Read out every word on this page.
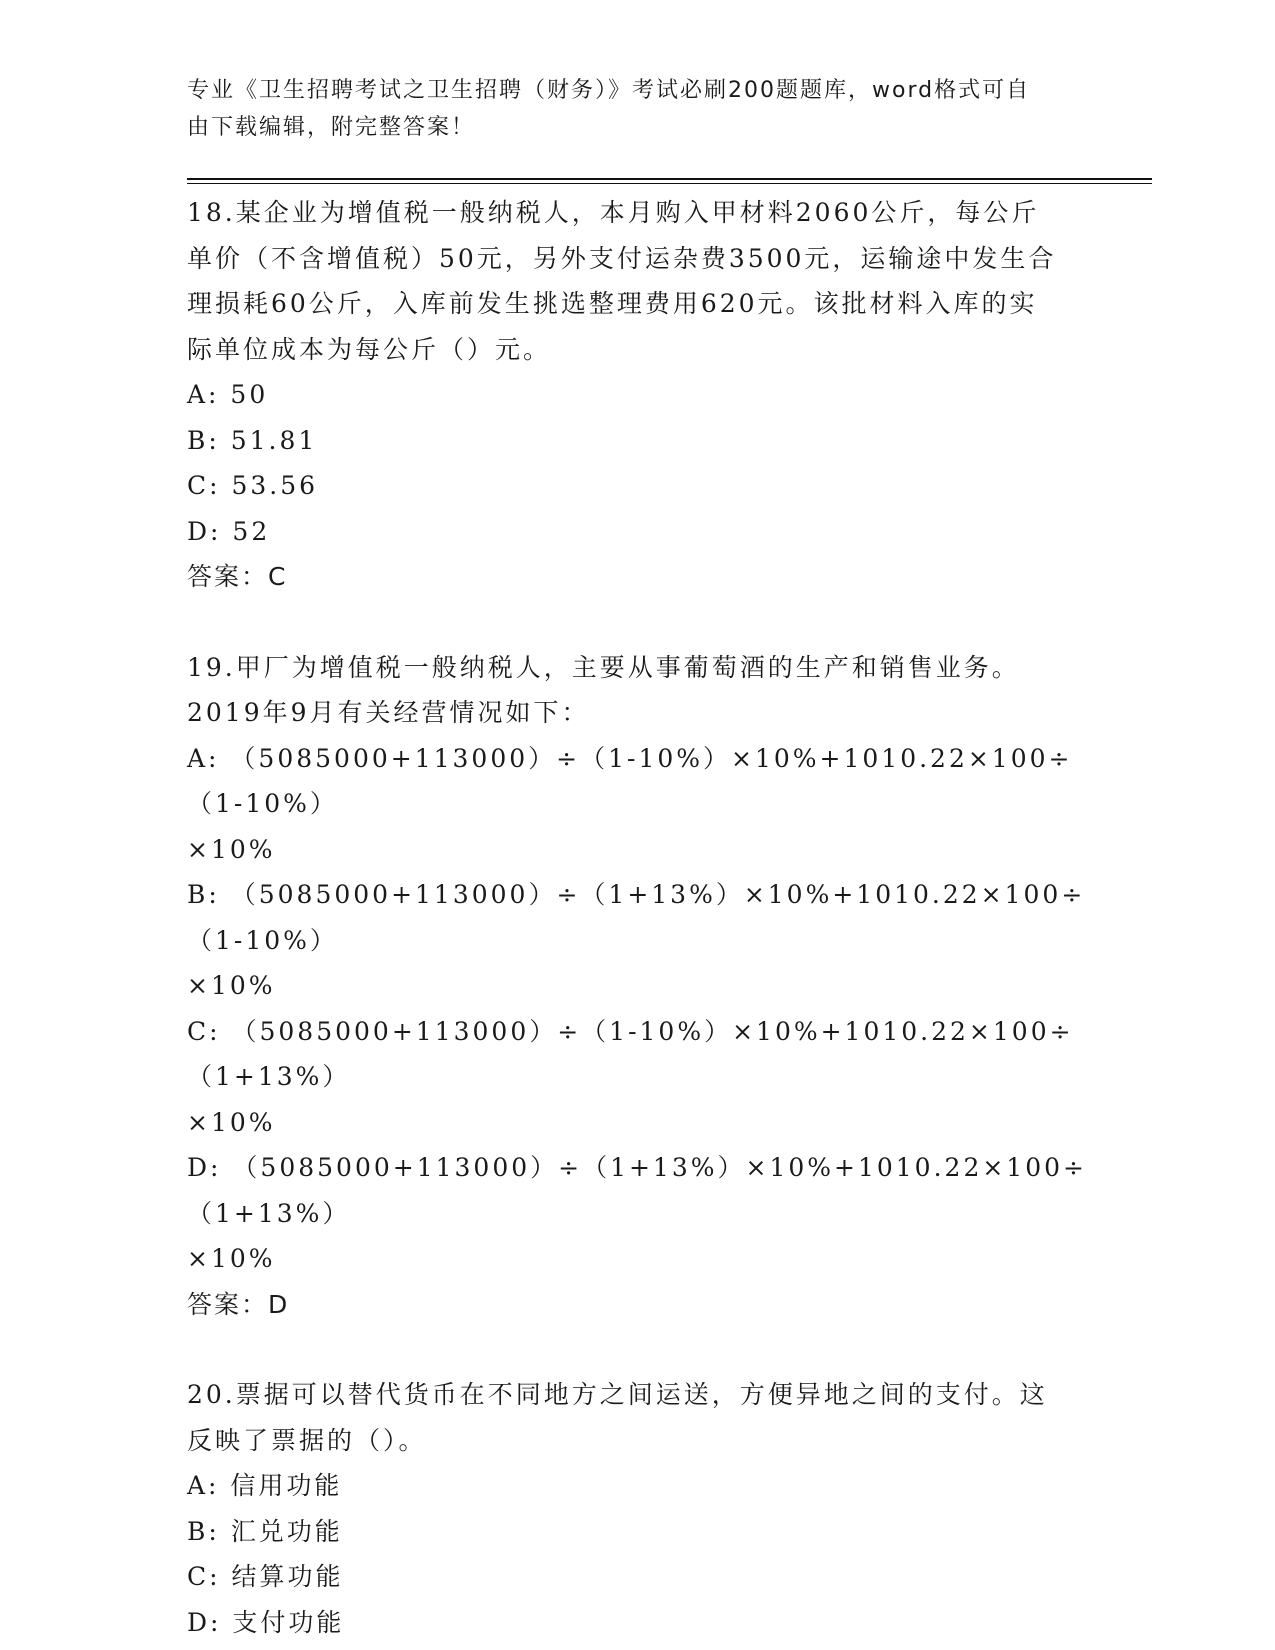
专业《卫生招聘考试之卫生招聘（财务）》考试必刷200题题库，word格式可自
由下载编辑，附完整答案！
18.某企业为增值税一般纳税人，本月购入甲材料2060公斤，每公斤
单价（不含增值税）50元，另外支付运杂费3500元，运输途中发生合
理损耗60公斤，入库前发生挑选整理费用620元。该批材料入库的实
际单位成本为每公斤（）元。
A: 50
B: 51.81
C: 53.56
D: 52
答案：C
19.甲厂为增值税一般纳税人，主要从事葡萄酒的生产和销售业务。
2019年9月有关经营情况如下：
A: （5085000+113000）÷（1-10%）×10%+1010.22×100÷（1-10%）
×10%
B: （5085000+113000）÷（1+13%）×10%+1010.22×100÷（1-10%）
×10%
C: （5085000+113000）÷（1-10%）×10%+1010.22×100÷（1+13%）
×10%
D: （5085000+113000）÷（1+13%）×10%+1010.22×100÷（1+13%）
×10%
答案：D
20.票据可以替代货币在不同地方之间运送，方便异地之间的支付。这
反映了票据的（）。
A: 信用功能
B: 汇兑功能
C: 结算功能
D: 支付功能
